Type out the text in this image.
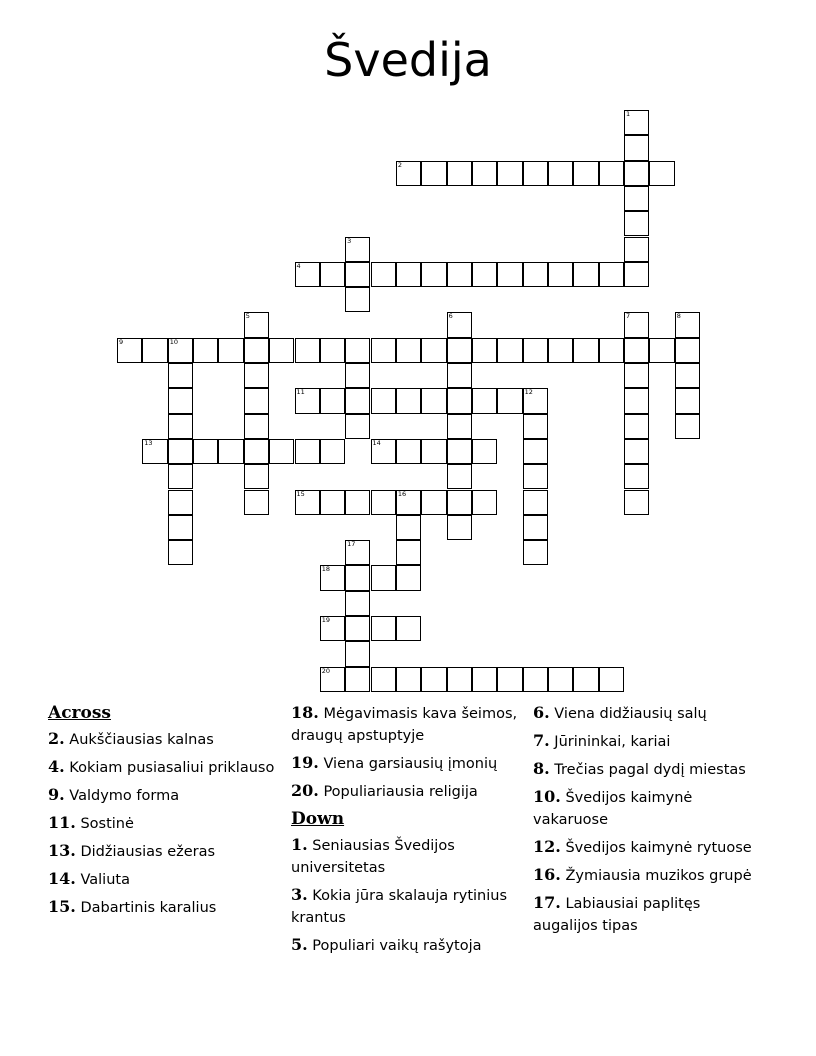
Švedija
1
2
3
4
5	6	7	8
9	10
11	12
13	14
15	16
17
18
19
20
Across
2. Aukščiausias kalnas
4. Kokiam pusiasaliui priklauso
9. Valdymo forma
11. Sostinė
13. Didžiausias ežeras
14. Valiuta
15. Dabartinis karalius
18. Mėgavimasis kava šeimos, draugų apstuptyje
19. Viena garsiausių įmonių
20. Populiariausia religija
Down
1. Seniausias Švedijos universitetas
3. Kokia jūra skalauja rytinius krantus
5. Populiari vaikų rašytoja
6. Viena didžiausių salų
7. Jūrininkai, kariai
8. Trečias pagal dydį miestas
10. Švedijos kaimynė vakaruose
12. Švedijos kaimynė rytuose
16. Žymiausia muzikos grupė
17. Labiausiai paplitęs augalijos tipas
